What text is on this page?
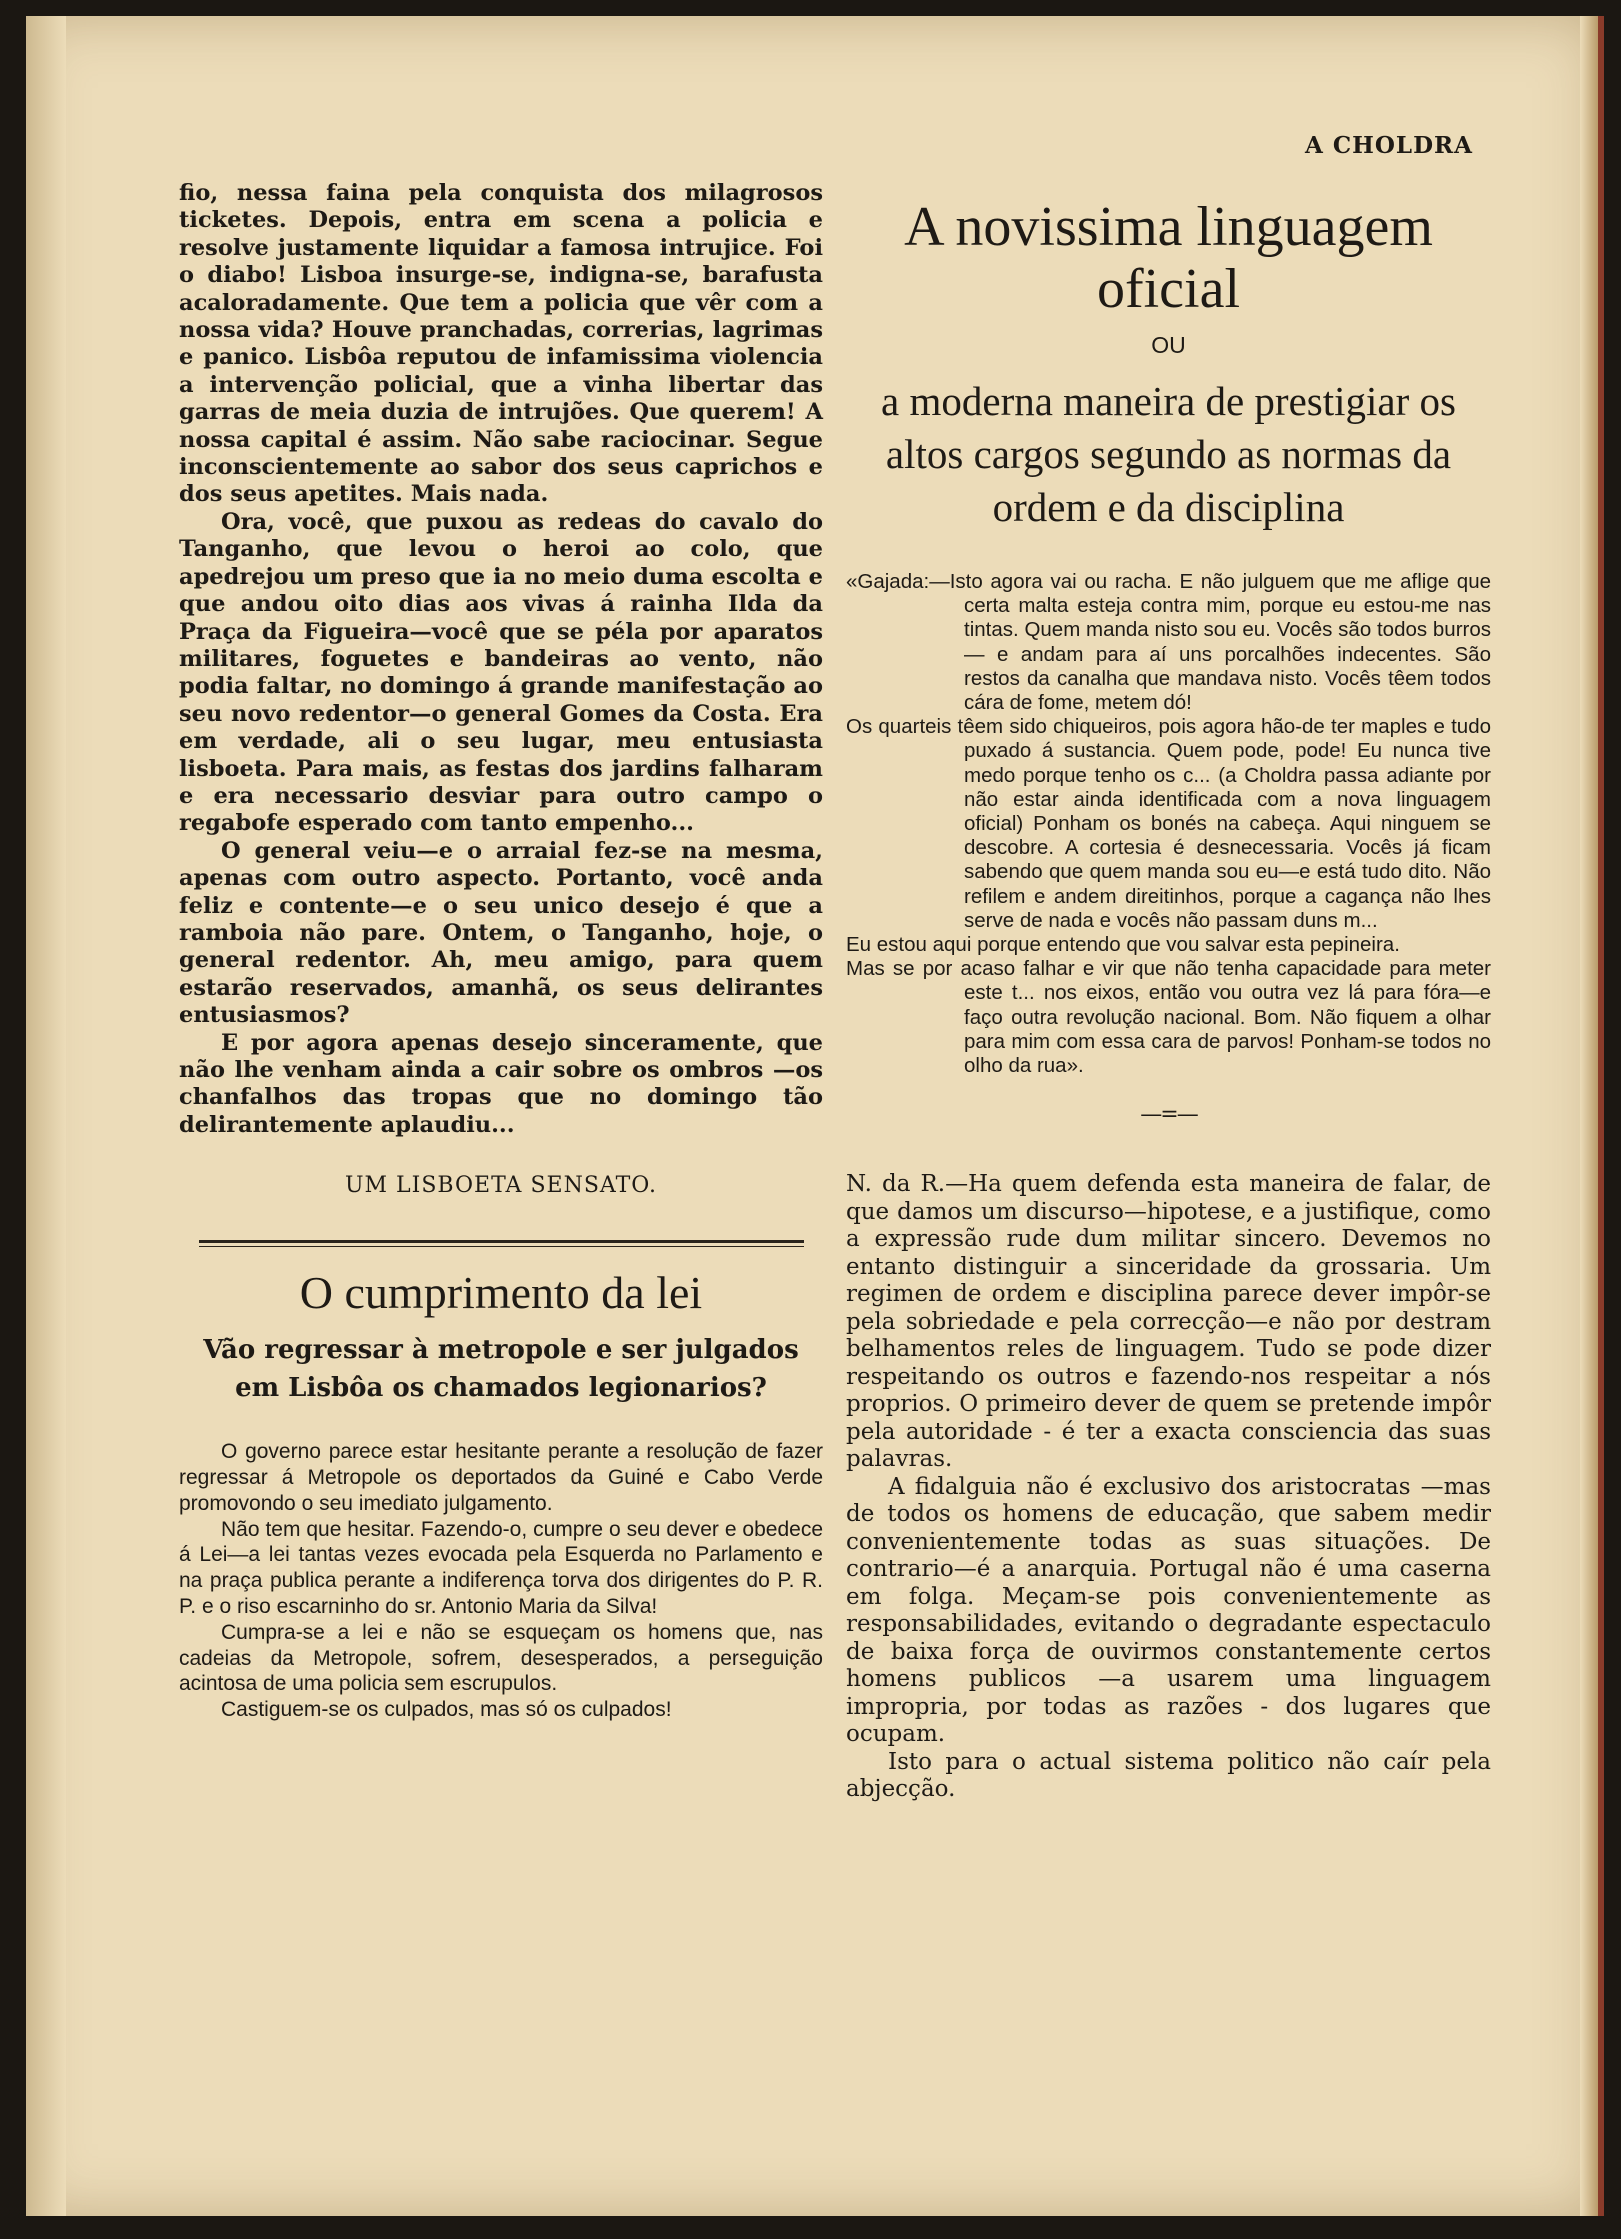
A CHOLDRA

fio, nessa faina pela conquista dos milagrosos ticketes. Depois, entra em scena a policia e resolve justamente liquidar a famosa intrujice. Foi o diabo! Lisboa insurge-se, indigna-se, barafusta acaloradamente. Que tem a policia que vêr com a nossa vida? Houve pranchadas, correrias, lagrimas e panico. Lisbôa reputou de infamissima violencia a intervenção policial, que a vinha libertar das garras de meia duzia de intrujões. Que querem! A nossa capital é assim. Não sabe raciocinar. Segue inconscientemente ao sabor dos seus caprichos e dos seus apetites. Mais nada.

Ora, você, que puxou as redeas do cavalo do Tanganho, que levou o heroi ao colo, que apedrejou um preso que ia no meio duma escolta e que andou oito dias aos vivas á rainha Ilda da Praça da Figueira—você que se péla por aparatos militares, foguetes e bandeiras ao vento, não podia faltar, no domingo á grande manifestação ao seu novo redentor—o general Gomes da Costa. Era em verdade, ali o seu lugar, meu entusiasta lisboeta. Para mais, as festas dos jardins falharam e era necessario desviar para outro campo o regabofe esperado com tanto empenho...

O general veiu—e o arraial fez-se na mesma, apenas com outro aspecto. Portanto, você anda feliz e contente—e o seu unico desejo é que a ramboia não pare. Ontem, o Tanganho, hoje, o general redentor. Ah, meu amigo, para quem estarão reservados, amanhã, os seus delirantes entusiasmos?

E por agora apenas desejo sinceramente, que não lhe venham ainda a cair sobre os ombros —os chanfalhos das tropas que no domingo tão delirantemente aplaudiu...

UM LISBOETA SENSATO.
O cumprimento da lei
Vão regressar à metropole e ser julgados em Lisbôa os chamados legionarios?

O governo parece estar hesitante perante a resolução de fazer regressar á Metropole os deportados da Guiné e Cabo Verde promovondo o seu imediato julgamento.

Não tem que hesitar. Fazendo-o, cumpre o seu dever e obedece á Lei—a lei tantas vezes evocada pela Esquerda no Parlamento e na praça publica perante a indiferença torva dos dirigentes do P. R. P. e o riso escarninho do sr. Antonio Maria da Silva!

Cumpra-se a lei e não se esqueçam os homens que, nas cadeias da Metropole, sofrem, desesperados, a perseguição acintosa de uma policia sem escrupulos.

Castiguem-se os culpados, mas só os culpados!

A novissima linguagem
oficial
OU
a moderna maneira de prestigiar os altos cargos segundo as normas da ordem e da disciplina

«Gajada:—Isto agora vai ou racha. E não julguem que me aflige que certa malta esteja contra mim, porque eu estou-me nas tintas. Quem manda nisto sou eu. Vocês são todos burros— e andam para aí uns porcalhões indecentes. São restos da canalha que mandava nisto. Vocês têem todos cára de fome, metem dó!

Os quarteis têem sido chiqueiros, pois agora hão-de ter maples e tudo puxado á sustancia. Quem pode, pode! Eu nunca tive medo porque tenho os c... (a Choldra passa adiante por não estar ainda identificada com a nova linguagem oficial) Ponham os bonés na cabeça. Aqui ninguem se descobre. A cortesia é desnecessaria. Vocês já ficam sabendo que quem manda sou eu—e está tudo dito. Não refilem e andem direitinhos, porque a cagança não lhes serve de nada e vocês não passam duns m...

Eu estou aqui porque entendo que vou salvar esta pepineira.

Mas se por acaso falhar e vir que não tenha capacidade para meter este t... nos eixos, então vou outra vez lá para fóra—e faço outra revolução nacional. Bom. Não fiquem a olhar para mim com essa cara de parvos! Ponham-se todos no olho da rua».

—=—

N. da R.—Ha quem defenda esta maneira de falar, de que damos um discurso—hipotese, e a justifique, como a expressão rude dum militar sincero. Devemos no entanto distinguir a sinceridade da grossaria. Um regimen de ordem e disciplina parece dever impôr-se pela sobriedade e pela correcção—e não por destram belhamentos reles de linguagem. Tudo se pode dizer respeitando os outros e fazendo-nos respeitar a nós proprios. O primeiro dever de quem se pretende impôr pela autoridade - é ter a exacta consciencia das suas palavras.

A fidalguia não é exclusivo dos aristocratas —mas de todos os homens de educação, que sabem medir convenientemente todas as suas situações. De contrario—é a anarquia. Portugal não é uma caserna em folga. Meçam-se pois convenientemente as responsabilidades, evitando o degradante espectaculo de baixa força de ouvirmos constantemente certos homens publicos —a usarem uma linguagem impropria, por todas as razões - dos lugares que ocupam.

Isto para o actual sistema politico não caír pela abjecção.
